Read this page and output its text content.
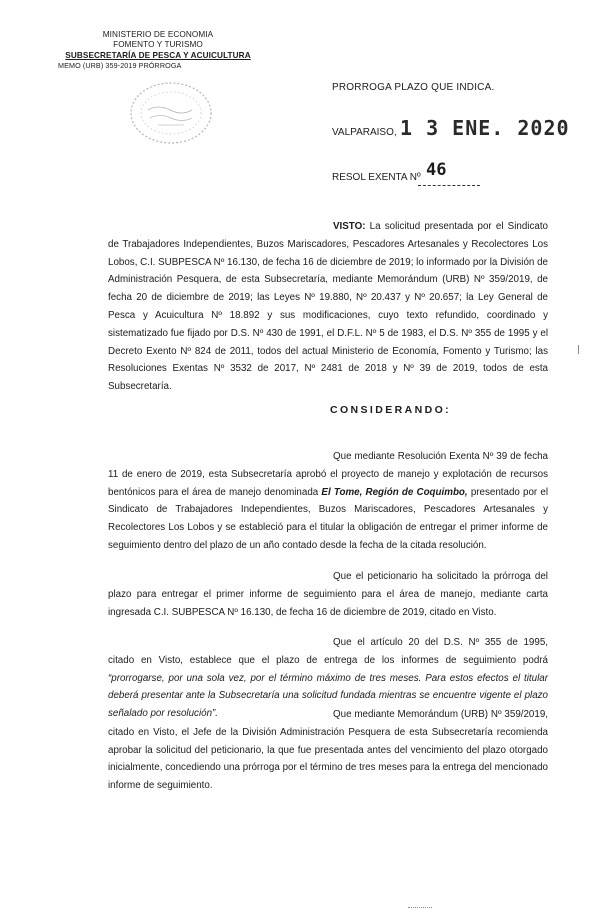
MINISTERIO DE ECONOMIA
FOMENTO Y TURISMO
SUBSECRETARÍA DE PESCA Y ACUICULTURA
MEMO (URB) 359-2019 PRÓRROGA
PRORROGA PLAZO QUE INDICA.
VALPARAISO, 1 3 ENE. 2020
RESOL EXENTA Nº 46
VISTO: La solicitud presentada por el Sindicato de Trabajadores Independientes, Buzos Mariscadores, Pescadores Artesanales y Recolectores Los Lobos, C.I. SUBPESCA Nº 16.130, de fecha 16 de diciembre de 2019; lo informado por la División de Administración Pesquera, de esta Subsecretaría, mediante Memorándum (URB) Nº 359/2019, de fecha 20 de diciembre de 2019; las Leyes Nº 19.880, Nº 20.437 y Nº 20.657; la Ley General de Pesca y Acuicultura Nº 18.892 y sus modificaciones, cuyo texto refundido, coordinado y sistematizado fue fijado por D.S. Nº 430 de 1991, el D.F.L. Nº 5 de 1983, el D.S. Nº 355 de 1995 y el Decreto Exento Nº 824 de 2011, todos del actual Ministerio de Economía, Fomento y Turismo; las Resoluciones Exentas Nº 3532 de 2017, Nº 2481 de 2018 y Nº 39 de 2019, todos de esta Subsecretaría.
CONSIDERANDO:
Que mediante Resolución Exenta Nº 39 de fecha 11 de enero de 2019, esta Subsecretaría aprobó el proyecto de manejo y explotación de recursos bentónicos para el área de manejo denominada El Tome, Región de Coquimbo, presentado por el Sindicato de Trabajadores Independientes, Buzos Mariscadores, Pescadores Artesanales y Recolectores Los Lobos y se estableció para el titular la obligación de entregar el primer informe de seguimiento dentro del plazo de un año contado desde la fecha de la citada resolución.
Que el peticionario ha solicitado la prórroga del plazo para entregar el primer informe de seguimiento para el área de manejo, mediante carta ingresada C.I. SUBPESCA Nº 16.130, de fecha 16 de diciembre de 2019, citado en Visto.
Que el artículo 20 del D.S. Nº 355 de 1995, citado en Visto, establece que el plazo de entrega de los informes de seguimiento podrá “prorrogarse, por una sola vez, por el término máximo de tres meses. Para estos efectos el titular deberá presentar ante la Subsecretaría una solicitud fundada mientras se encuentre vigente el plazo señalado por resolución”.	Que mediante Memorándum (URB) Nº 359/2019, citado en Visto, el Jefe de la División Administración Pesquera de esta Subsecretaría recomienda aprobar la solicitud del peticionario, la que fue presentada antes del vencimiento del plazo otorgado inicialmente, concediendo una prórroga por el término de tres meses para la entrega del mencionado informe de seguimiento.
